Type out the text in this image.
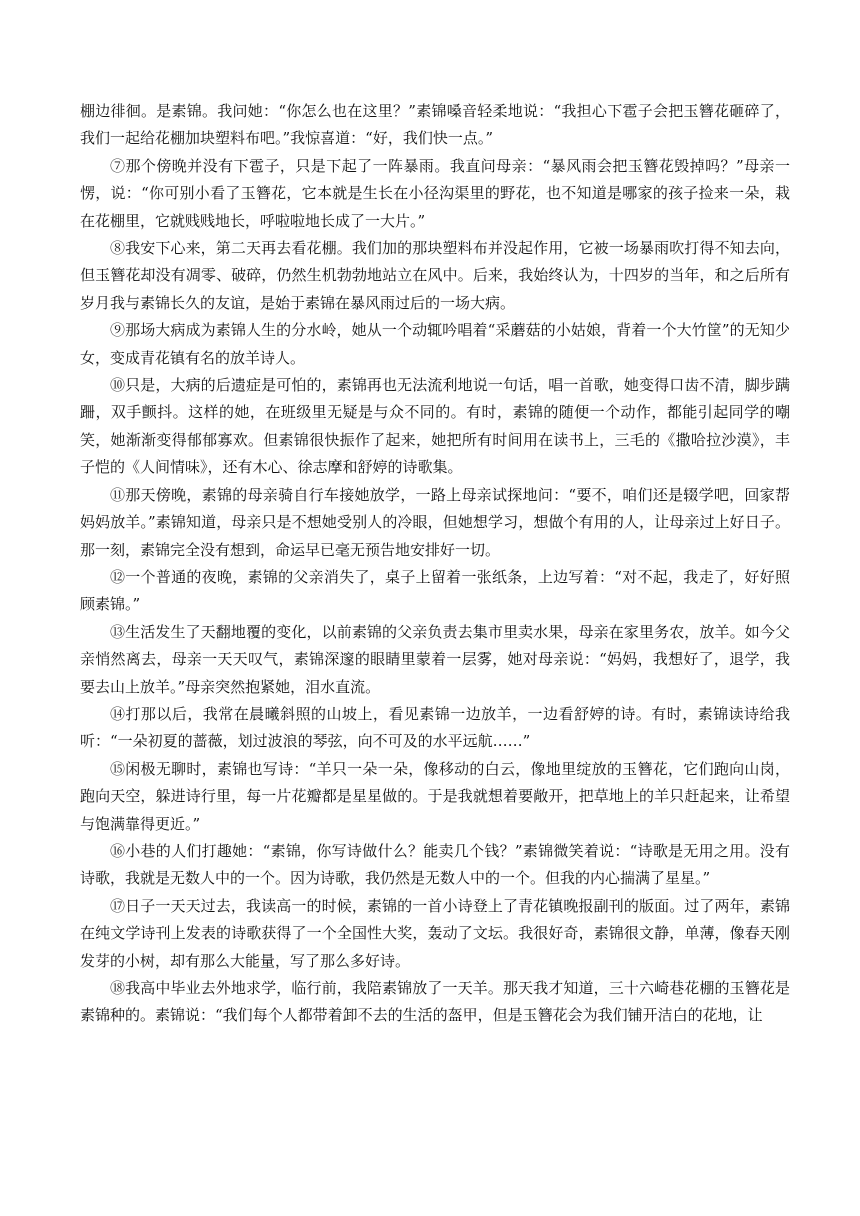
棚边徘徊。是素锦。我问她：“你怎么也在这里？”素锦嗓音轻柔地说：“我担心下雹子会把玉簪花砸碎了，我们一起给花棚加块塑料布吧。”我惊喜道：“好，我们快一点。”

⑦那个傍晚并没有下雹子，只是下起了一阵暴雨。我直问母亲：“暴风雨会把玉簪花毁掉吗？”母亲一愣，说：“你可别小看了玉簪花，它本就是生长在小径沟渠里的野花，也不知道是哪家的孩子捡来一朵，栽在花棚里，它就贱贱地长，呼啦啦地长成了一大片。”

⑧我安下心来，第二天再去看花棚。我们加的那块塑料布并没起作用，它被一场暴雨吹打得不知去向，但玉簪花却没有凋零、破碎，仍然生机勃勃地站立在风中。后来，我始终认为，十四岁的当年，和之后所有岁月我与素锦长久的友谊，是始于素锦在暴风雨过后的一场大病。

⑨那场大病成为素锦人生的分水岭，她从一个动辄吟唱着“采蘑菇的小姑娘，背着一个大竹筐”的无知少女，变成青花镇有名的放羊诗人。

⑩只是，大病的后遗症是可怕的，素锦再也无法流利地说一句话，唱一首歌，她变得口齿不清，脚步蹒跚，双手颤抖。这样的她，在班级里无疑是与众不同的。有时，素锦的随便一个动作，都能引起同学的嘲笑，她渐渐变得郁郁寡欢。但素锦很快振作了起来，她把所有时间用在读书上，三毛的《撒哈拉沙漠》，丰子恺的《人间情味》，还有木心、徐志摩和舒婷的诗歌集。

⑪那天傍晚，素锦的母亲骑自行车接她放学，一路上母亲试探地问：“要不，咱们还是辍学吧，回家帮妈妈放羊。”素锦知道，母亲只是不想她受别人的冷眼，但她想学习，想做个有用的人，让母亲过上好日子。那一刻，素锦完全没有想到，命运早已毫无预告地安排好一切。

⑫一个普通的夜晚，素锦的父亲消失了，桌子上留着一张纸条，上边写着：“对不起，我走了，好好照顾素锦。”

⑬生活发生了天翻地覆的变化，以前素锦的父亲负责去集市里卖水果，母亲在家里务农，放羊。如今父亲悄然离去，母亲一天天叹气，素锦深邃的眼睛里蒙着一层雾，她对母亲说：“妈妈，我想好了，退学，我要去山上放羊。”母亲突然抱紧她，泪水直流。

⑭打那以后，我常在晨曦斜照的山坡上，看见素锦一边放羊，一边看舒婷的诗。有时，素锦读诗给我听：“一朵初夏的蔷薇，划过波浪的琴弦，向不可及的水平远航……”

⑮闲极无聊时，素锦也写诗：“羊只一朵一朵，像移动的白云，像地里绽放的玉簪花，它们跑向山岗，跑向天空，躲进诗行里，每一片花瓣都是星星做的。于是我就想着要敞开，把草地上的羊只赶起来，让希望与饱满靠得更近。”

⑯小巷的人们打趣她：“素锦，你写诗做什么？能卖几个钱？”素锦微笑着说：“诗歌是无用之用。没有诗歌，我就是无数人中的一个。因为诗歌，我仍然是无数人中的一个。但我的内心揣满了星星。”

⑰日子一天天过去，我读高一的时候，素锦的一首小诗登上了青花镇晚报副刊的版面。过了两年，素锦在纯文学诗刊上发表的诗歌获得了一个全国性大奖，轰动了文坛。我很好奇，素锦很文静，单薄，像春天刚发芽的小树，却有那么大能量，写了那么多好诗。

⑱我高中毕业去外地求学，临行前，我陪素锦放了一天羊。那天我才知道，三十六崎巷花棚的玉簪花是素锦种的。素锦说：“我们每个人都带着卸不去的生活的盔甲，但是玉簪花会为我们铺开洁白的花地，让
